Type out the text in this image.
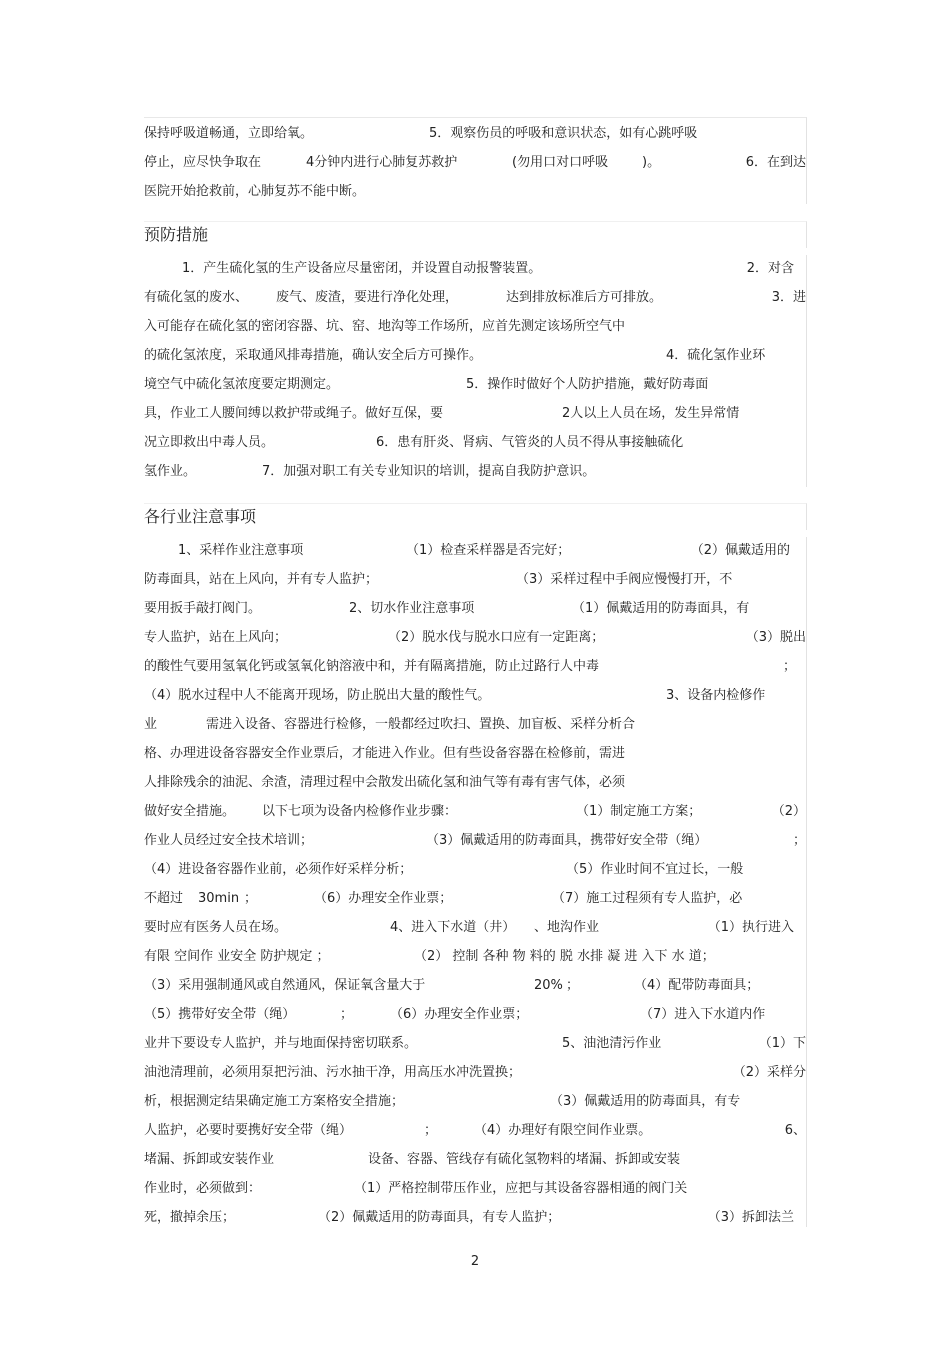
保持呼吸道畅通，立即给氧。	5．观察伤员的呼吸和意识状态，如有心跳呼吸
停止，应尽快争取在	4分钟内进行心肺复苏救护	(勿用口对口呼吸	)。	6．在到达
医院开始抢救前，心肺复苏不能中断。
预防措施
1．产生硫化氢的生产设备应尽量密闭，并设置自动报警装置。	2．对含
有硫化氢的废水、 废气、废渣，要进行净化处理，	达到排放标准后方可排放。	3．进
入可能存在硫化氢的密闭容器、坑、窑、地沟等工作场所，应首先测定该场所空气中
的硫化氢浓度，采取通风排毒措施，确认安全后方可操作。	4．硫化氢作业环
境空气中硫化氢浓度要定期测定。	5．操作时做好个人防护措施，戴好防毒面
具，作业工人腰间缚以救护带或绳子。做好互保，要	2人以上人员在场，发生异常情
况立即救出中毒人员。	6．患有肝炎、肾病、气管炎的人员不得从事接触硫化
氢作业。	7．加强对职工有关专业知识的培训，提高自我防护意识。
各行业注意事项
1、采样作业注意事项	（1）检查采样器是否完好；	（2）佩戴适用的
防毒面具，站在上风向，并有专人监护；	（3）采样过程中手阀应慢慢打开，不
要用扳手敲打阀门。	2、切水作业注意事项	（1）佩戴适用的防毒面具，有
专人监护，站在上风向；	（2）脱水伐与脱水口应有一定距离；	（3）脱出
的酸性气要用氢氧化钙或氢氧化钠溶液中和，并有隔离措施，防止过路行人中毒	；
（4）脱水过程中人不能离开现场，防止脱出大量的酸性气。	3、设备内检修作
业	需进入设备、容器进行检修，一般都经过吹扫、置换、加盲板、采样分析合
格、办理进设备容器安全作业票后，才能进入作业。但有些设备容器在检修前，需进
人排除残余的油泥、余渣，清理过程中会散发出硫化氢和油气等有毒有害气体，必须
做好安全措施。 以下七项为设备内检修作业步骤：	（1）制定施工方案；	（2）
作业人员经过安全技术培训；	（3）佩戴适用的防毒面具，携带好安全带（绳）	；
（4）进设备容器作业前，必须作好采样分析；	（5）作业时间不宜过长，一般
不超过 30min ；	（6）办理安全作业票；	（7）施工过程须有专人监护，必
要时应有医务人员在场。	4、进入下水道（井） 、地沟作业	（1）执行进入
有限 空间作 业安全 防护规定 ；	（2） 控制 各种 物 料的 脱 水排 凝 进 入下 水 道；
（3）采用强制通风或自然通风，保证氧含量大于	20% ；	（4）配带防毒面具；
（5）携带好安全带（绳）	；	（6）办理安全作业票；	（7）进入下水道内作
业井下要设专人监护，并与地面保持密切联系。	5、油池清污作业	（1）下
油池清理前，必须用泵把污油、污水抽干净，用高压水冲洗置换；	（2）采样分
析，根据测定结果确定施工方案格安全措施；	（3）佩戴适用的防毒面具，有专
人监护，必要时要携好安全带（绳）	；	（4）办理好有限空间作业票。	6、
堵漏、拆卸或安装作业	设备、容器、管线存有硫化氢物料的堵漏、拆卸或安装
作业时，必须做到：	（1）严格控制带压作业，应把与其设备容器相通的阀门关
死，撤掉余压；	（2）佩戴适用的防毒面具，有专人监护；	（3）拆卸法兰
2
